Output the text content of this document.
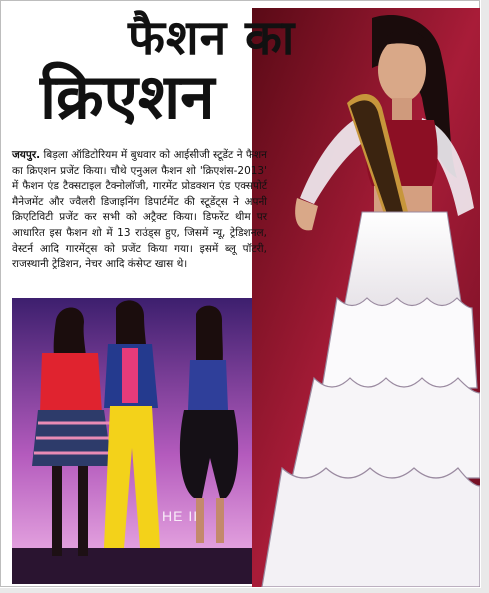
फैशन का
क्रिएशन
जयपुर. बिड़ला ऑडिटोरियम में बुधवार को आईसीजी स्टूडेंट ने फैशन का क्रिएशन प्रजेंट किया। चौथे एनुअल फैशन शो 'क्रिएशंस-2013' में फैशन एंड टैक्सटाइल टैक्नोलॉजी, गारमेंट प्रोडक्शन एंड एक्सपोर्ट मैनेजमेंट और ज्वैलरी डिजाइनिंग डिपार्टमेंट की स्टूडेंट्स ने अपनी क्रिएटिविटी प्रजेंट कर सभी को अट्रैक्ट किया। डिफरेंट थीम पर आधारित इस फैशन शो में 13 राउंड्स हुए, जिसमें न्यू, ट्रेडिशनल, वेस्टर्न आदि गारमेंट्स को प्रजेंट किया गया। इसमें ब्लू पॉटरी, राजस्थानी ट्रेडिशन, नेचर आदि कंसेप्ट खास थे।
HE II
